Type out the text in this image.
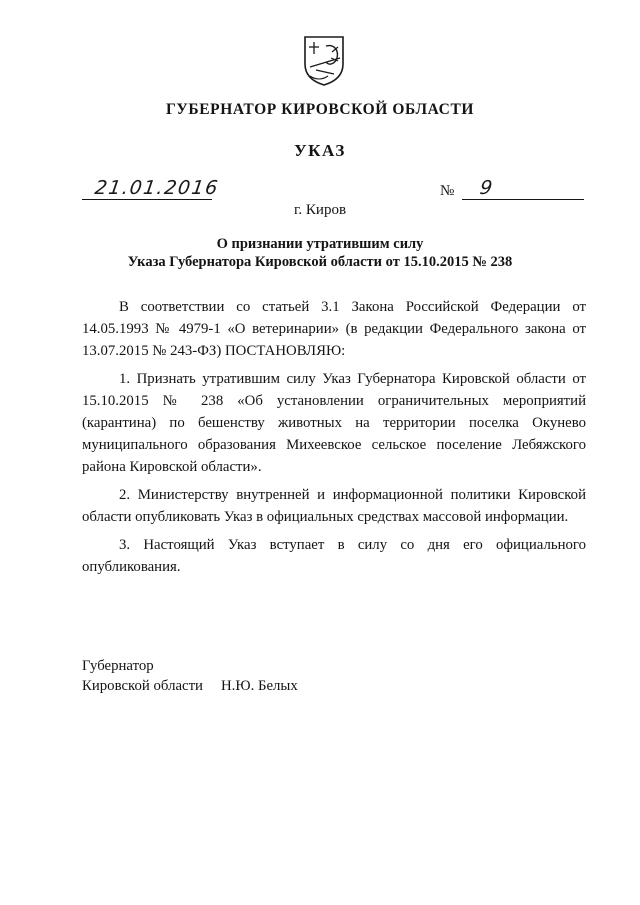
ГУБЕРНАТОР КИРОВСКОЙ ОБЛАСТИ
УКАЗ
21.01.2016	№ 9
г. Киров
О признании утратившим силу
Указа Губернатора Кировской области от 15.10.2015 № 238

В соответствии со статьей 3.1 Закона Российской Федерации от 14.05.1993 № 4979-1 «О ветеринарии» (в редакции Федерального закона от 13.07.2015 № 243-ФЗ) ПОСТАНОВЛЯЮ:

1. Признать утратившим силу Указ Губернатора Кировской области от 15.10.2015 № 238 «Об установлении ограничительных мероприятий (карантина) по бешенству животных на территории поселка Окунево муниципального образования Михеевское сельское поселение Лебяжского района Кировской области».

2. Министерству внутренней и информационной политики Кировской области опубликовать Указ в официальных средствах массовой информации.

3. Настоящий Указ вступает в силу со дня его официального опубликования.

Губернатор
Кировской области Н.Ю. Белых
